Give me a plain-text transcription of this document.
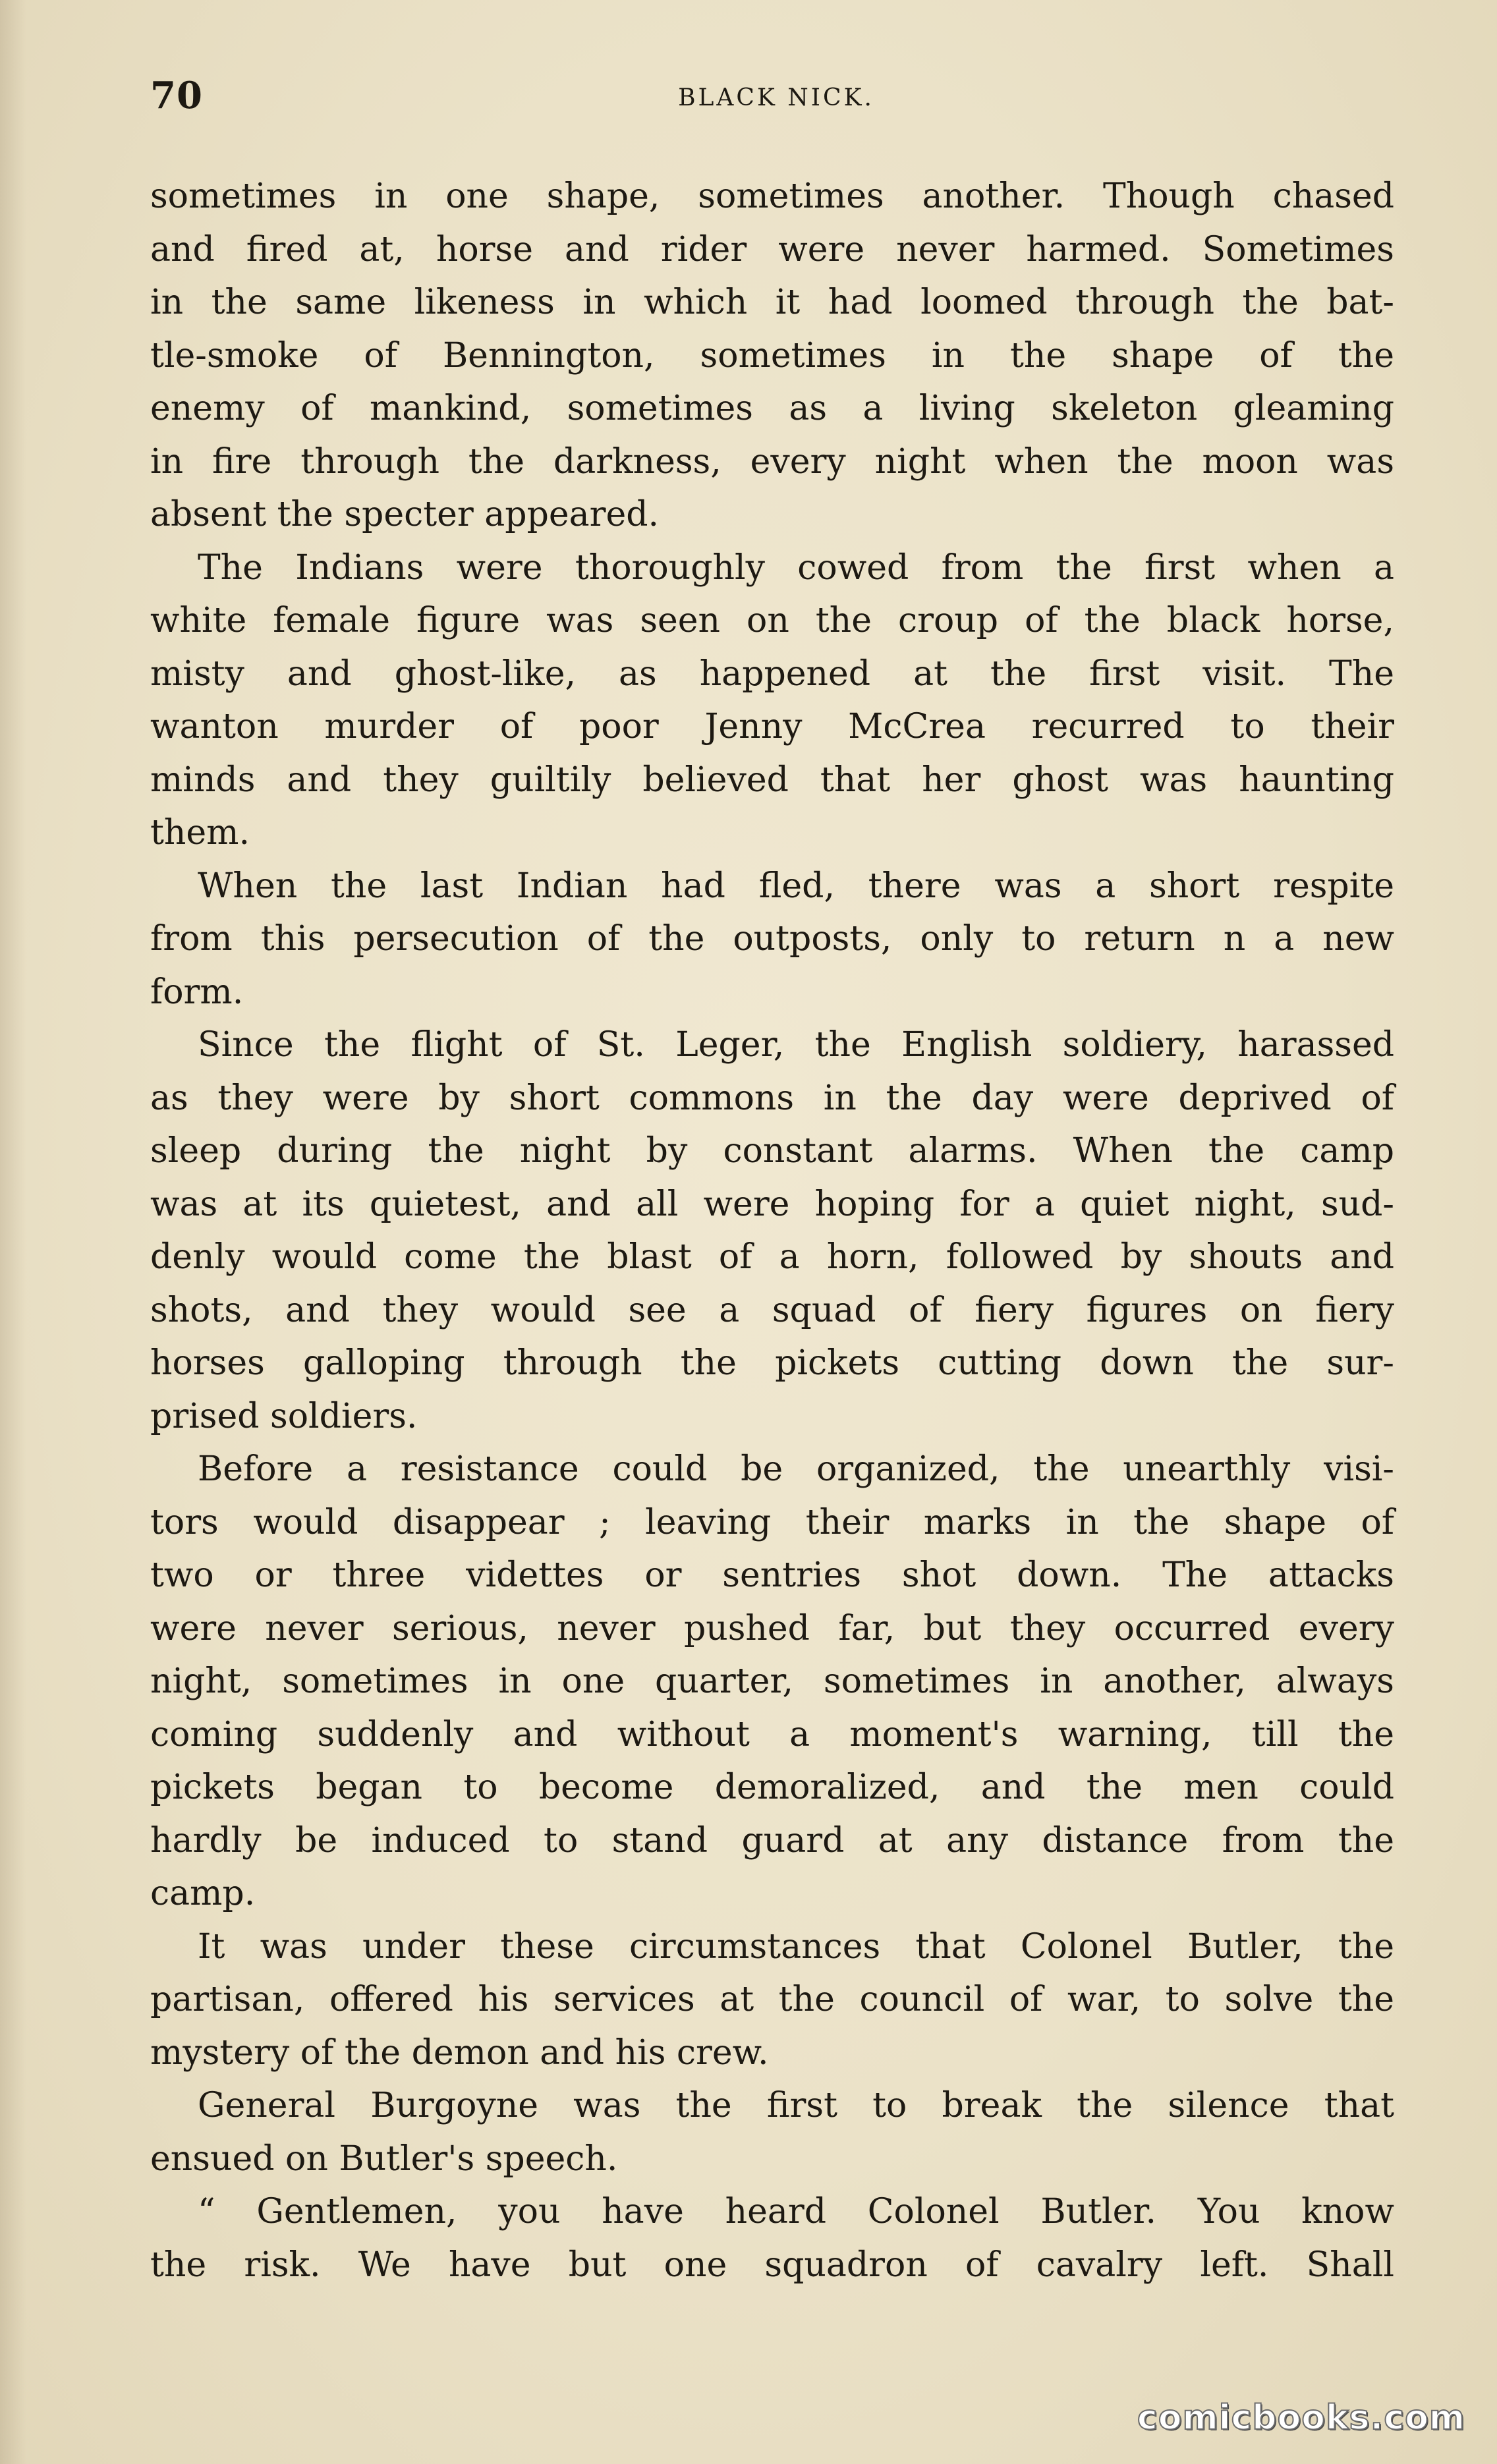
70	BLACK NICK.
sometimes in one shape, sometimes another. Though chased
and fired at, horse and rider were never harmed. Sometimes
in the same likeness in which it had loomed through the bat-
tle-smoke of Bennington, sometimes in the shape of the
enemy of mankind, sometimes as a living skeleton gleaming
in fire through the darkness, every night when the moon was
absent the specter appeared.
The Indians were thoroughly cowed from the first when a
white female figure was seen on the croup of the black horse,
misty and ghost-like, as happened at the first visit. The
wanton murder of poor Jenny McCrea recurred to their
minds and they guiltily believed that her ghost was haunting
them.
When the last Indian had fled, there was a short respite
from this persecution of the outposts, only to return n a new
form.
Since the flight of St. Leger, the English soldiery, harassed
as they were by short commons in the day were deprived of
sleep during the night by constant alarms. When the camp
was at its quietest, and all were hoping for a quiet night, sud-
denly would come the blast of a horn, followed by shouts and
shots, and they would see a squad of fiery figures on fiery
horses galloping through the pickets cutting down the sur-
prised soldiers.
Before a resistance could be organized, the unearthly visi-
tors would disappear ; leaving their marks in the shape of
two or three videttes or sentries shot down. The attacks
were never serious, never pushed far, but they occurred every
night, sometimes in one quarter, sometimes in another, always
coming suddenly and without a moment's warning, till the
pickets began to become demoralized, and the men could
hardly be induced to stand guard at any distance from the
camp.
It was under these circumstances that Colonel Butler, the
partisan, offered his services at the council of war, to solve the
mystery of the demon and his crew.
General Burgoyne was the first to break the silence that
ensued on Butler's speech.
“ Gentlemen, you have heard Colonel Butler. You know
the risk. We have but one squadron of cavalry left. Shall
comicbooks.com
